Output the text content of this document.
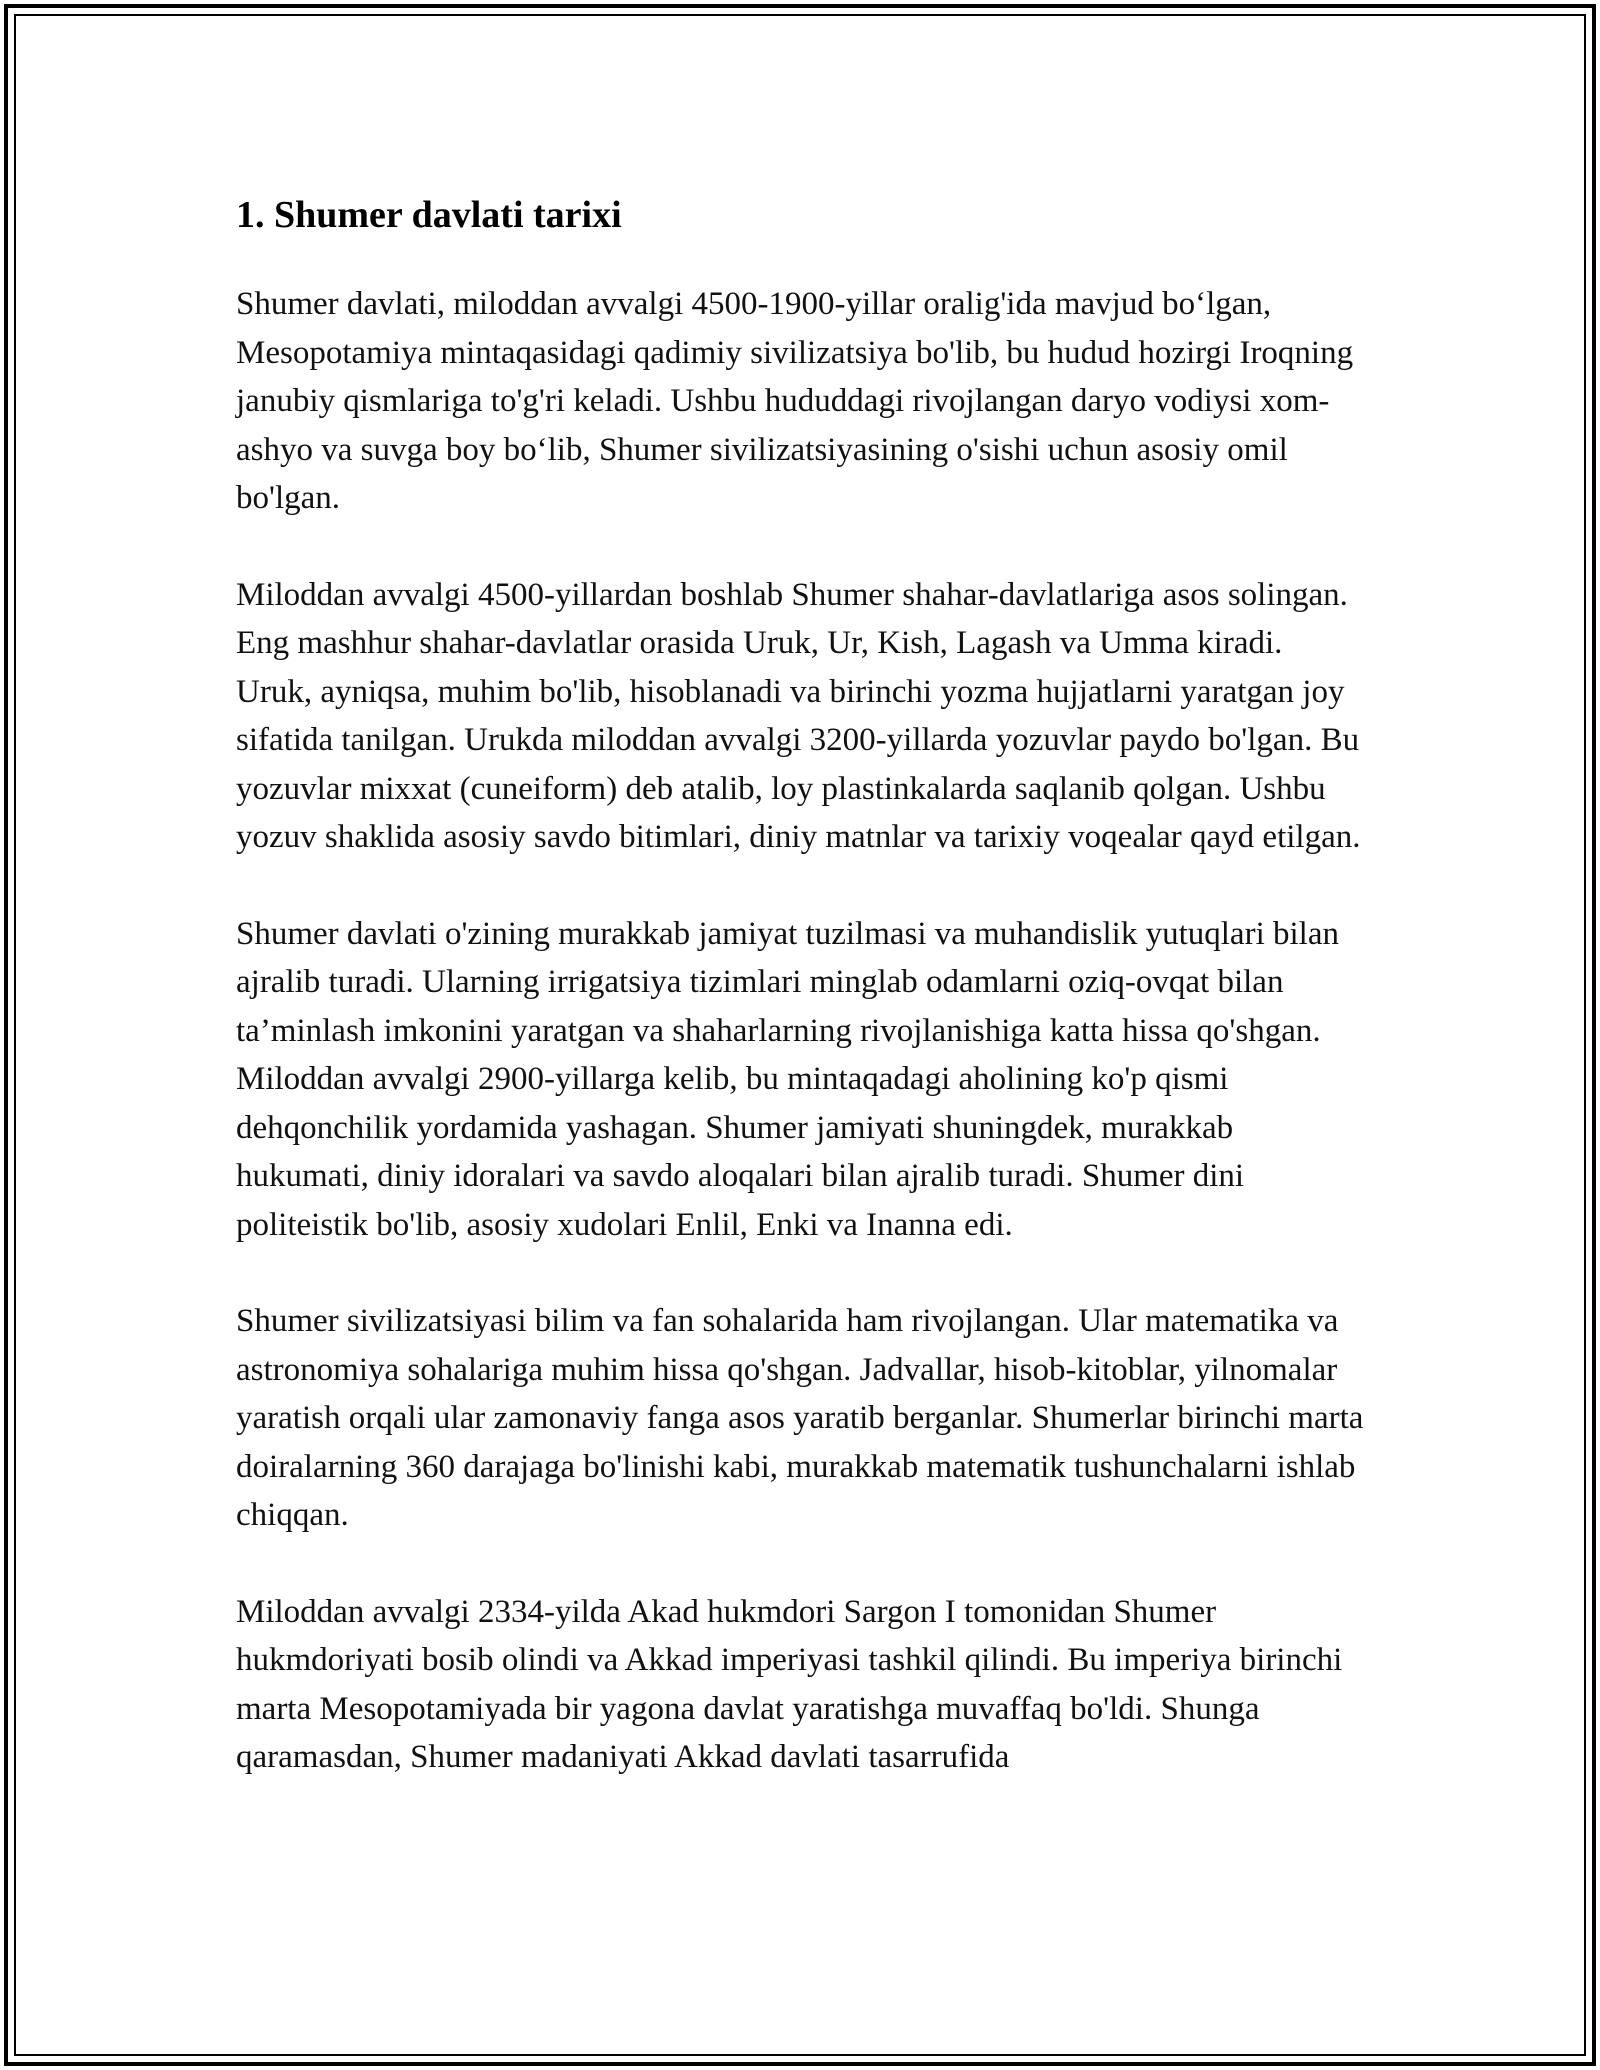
1. Shumer davlati tarixi

Shumer davlati, miloddan avvalgi 4500-1900-yillar oralig'ida mavjud bo‘lgan, Mesopotamiya mintaqasidagi qadimiy sivilizatsiya bo'lib, bu hudud hozirgi Iroqning janubiy qismlariga to'g'ri keladi. Ushbu hududdagi rivojlangan daryo vodiysi xom-ashyo va suvga boy bo‘lib, Shumer sivilizatsiyasining o'sishi uchun asosiy omil bo'lgan.

Miloddan avvalgi 4500-yillardan boshlab Shumer shahar-davlatlariga asos solingan. Eng mashhur shahar-davlatlar orasida Uruk, Ur, Kish, Lagash va Umma kiradi. Uruk, ayniqsa, muhim bo'lib, hisoblanadi va birinchi yozma hujjatlarni yaratgan joy sifatida tanilgan. Urukda miloddan avvalgi 3200-yillarda yozuvlar paydo bo'lgan. Bu yozuvlar mixxat (cuneiform) deb atalib, loy plastinkalarda saqlanib qolgan. Ushbu yozuv shaklida asosiy savdo bitimlari, diniy matnlar va tarixiy voqealar qayd etilgan.

Shumer davlati o'zining murakkab jamiyat tuzilmasi va muhandislik yutuqlari bilan ajralib turadi. Ularning irrigatsiya tizimlari minglab odamlarni oziq-ovqat bilan ta’minlash imkonini yaratgan va shaharlarning rivojlanishiga katta hissa qo'shgan. Miloddan avvalgi 2900-yillarga kelib, bu mintaqadagi aholining ko'p qismi dehqonchilik yordamida yashagan. Shumer jamiyati shuningdek, murakkab hukumati, diniy idoralari va savdo aloqalari bilan ajralib turadi. Shumer dini politeistik bo'lib, asosiy xudolari Enlil, Enki va Inanna edi.

Shumer sivilizatsiyasi bilim va fan sohalarida ham rivojlangan. Ular matematika va astronomiya sohalariga muhim hissa qo'shgan. Jadvallar, hisob-kitoblar, yilnomalar yaratish orqali ular zamonaviy fanga asos yaratib berganlar. Shumerlar birinchi marta doiralarning 360 darajaga bo'linishi kabi, murakkab matematik tushunchalarni ishlab chiqqan.

Miloddan avvalgi 2334-yilda Akad hukmdori Sargon I tomonidan Shumer hukmdoriyati bosib olindi va Akkad imperiyasi tashkil qilindi. Bu imperiya birinchi marta Mesopotamiyada bir yagona davlat yaratishga muvaffaq bo'ldi. Shunga qaramasdan, Shumer madaniyati Akkad davlati tasarrufida
